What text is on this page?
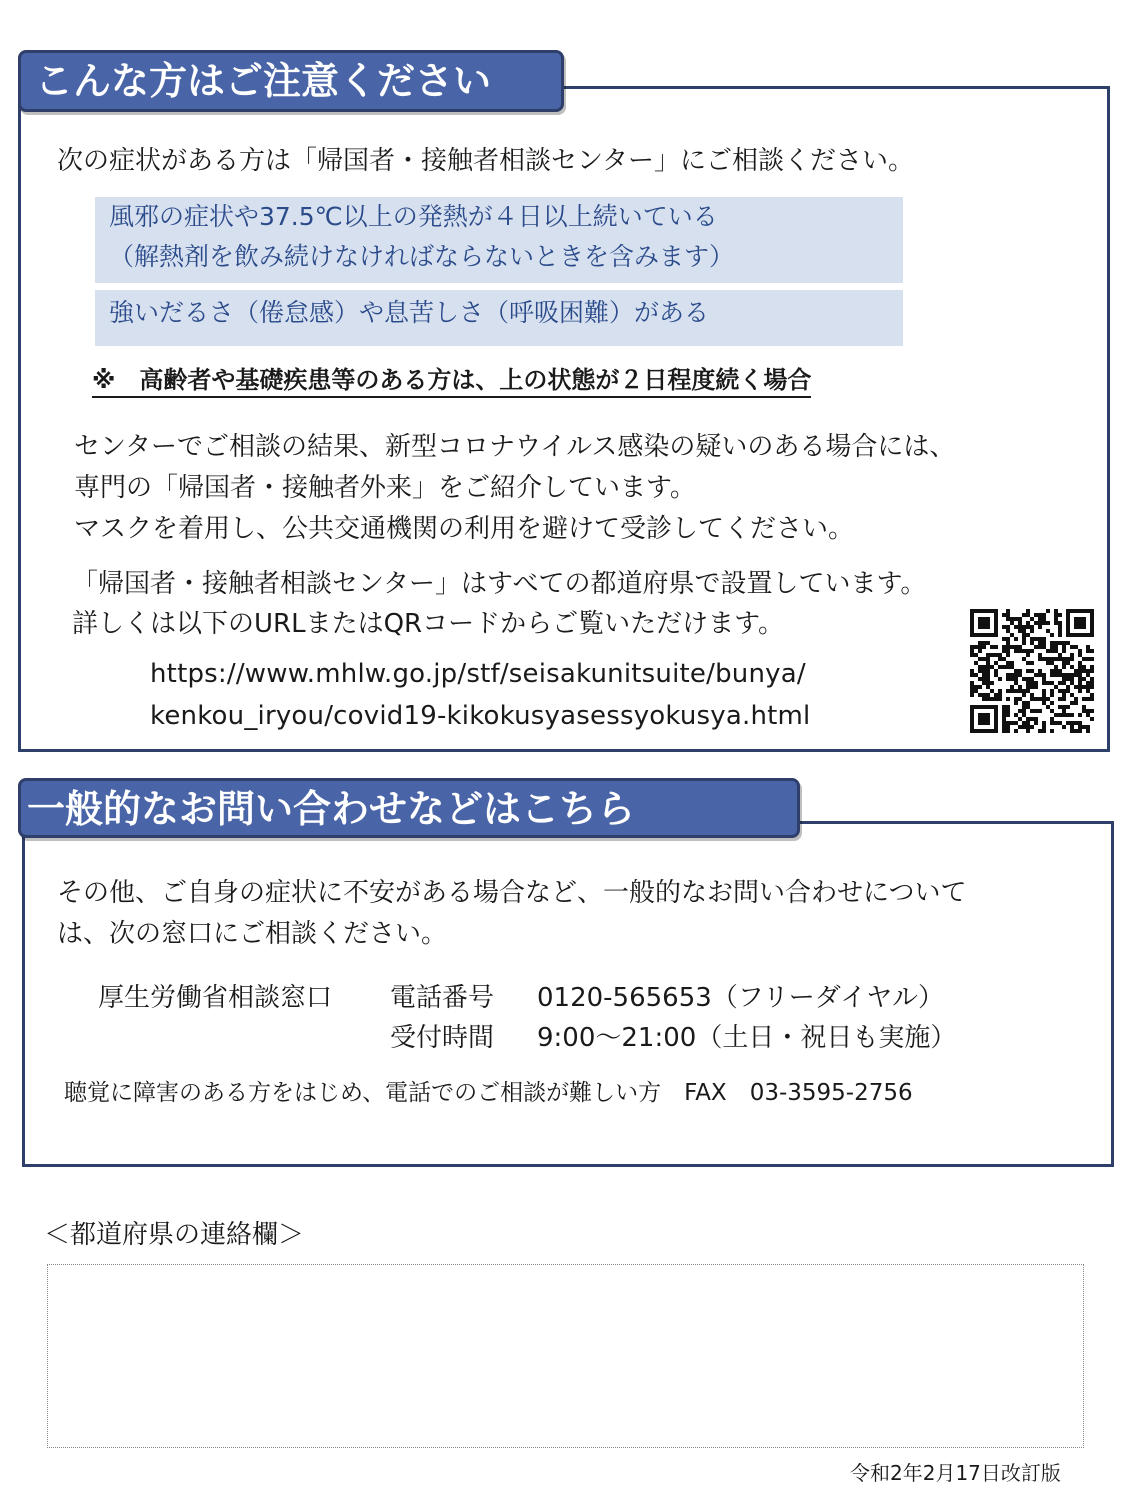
こんな方はご注意ください
次の症状がある方は「帰国者・接触者相談センター」にご相談ください。
風邪の症状や37.5℃以上の発熱が４日以上続いている
（解熱剤を飲み続けなければならないときを含みます）
強いだるさ（倦怠感）や息苦しさ（呼吸困難）がある
※　高齢者や基礎疾患等のある方は、上の状態が２日程度続く場合
センターでご相談の結果、新型コロナウイルス感染の疑いのある場合には、
専門の「帰国者・接触者外来」をご紹介しています。
マスクを着用し、公共交通機関の利用を避けて受診してください。
「帰国者・接触者相談センター」はすべての都道府県で設置しています。
詳しくは以下のURLまたはQRコードからご覧いただけます。
https://www.mhlw.go.jp/stf/seisakunitsuite/bunya/
kenkou_iryou/covid19-kikokusyasessyokusya.html
一般的なお問い合わせなどはこちら
その他、ご自身の症状に不安がある場合など、一般的なお問い合わせについて
は、次の窓口にご相談ください。
厚生労働省相談窓口 電話番号 0120-565653（フリーダイヤル）
受付時間 9:00～21:00（土日・祝日も実施）
聴覚に障害のある方をはじめ、電話でのご相談が難しい方　FAX　03-3595-2756
＜都道府県の連絡欄＞
令和2年2月17日改訂版
